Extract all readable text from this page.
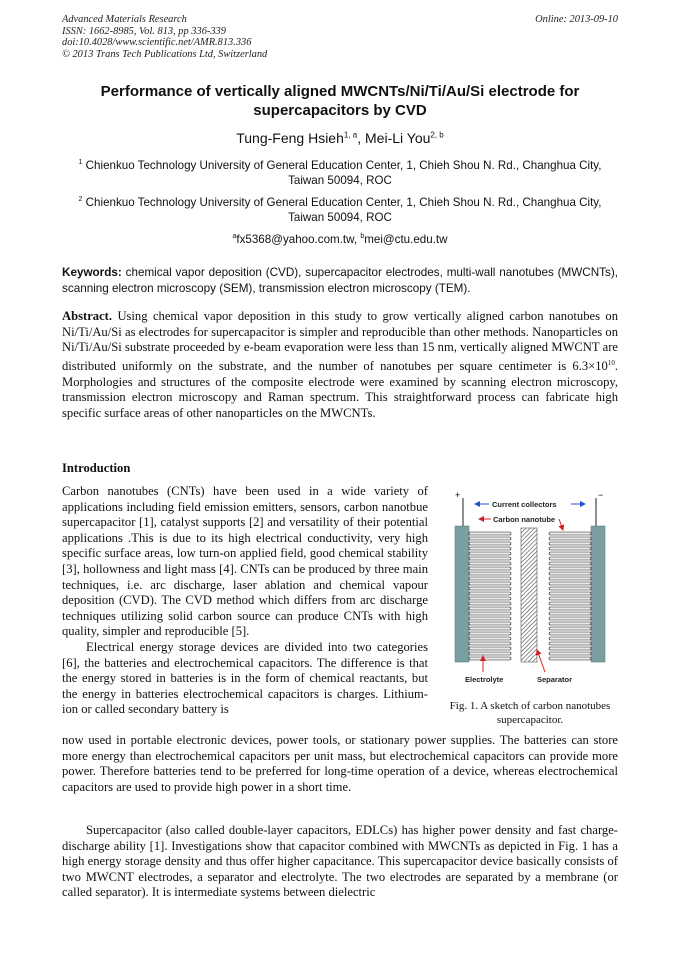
Advanced Materials Research
ISSN: 1662-8985, Vol. 813, pp 336-339
doi:10.4028/www.scientific.net/AMR.813.336
© 2013 Trans Tech Publications Ltd, Switzerland
Online: 2013-09-10
Performance of vertically aligned MWCNTs/Ni/Ti/Au/Si electrode for supercapacitors by CVD
Tung-Feng Hsieh$^{1, a}$, Mei-Li You$^{2, b}$
$^1$ Chienkuo Technology University of General Education Center, 1, Chieh Shou N. Rd., Changhua City, Taiwan 50094, ROC
$^2$ Chienkuo Technology University of General Education Center, 1, Chieh Shou N. Rd., Changhua City, Taiwan 50094, ROC
$^a$fx5368@yahoo.com.tw, $^b$mei@ctu.edu.tw
Keywords: chemical vapor deposition (CVD), supercapacitor electrodes, multi-wall nanotubes (MWCNTs), scanning electron microscopy (SEM), transmission electron microscopy (TEM).

Abstract. Using chemical vapor deposition in this study to grow vertically aligned carbon nanotubes on Ni/Ti/Au/Si as electrodes for supercapacitor is simpler and reproducible than other methods. Nanoparticles on Ni/Ti/Au/Si substrate proceeded by e-beam evaporation were less than 15 nm, vertically aligned MWCNT are distributed uniformly on the substrate, and the number of nanotubes per square centimeter is $6.3\times 10^{10}$. Morphologies and structures of the composite electrode were examined by scanning electron microscopy, transmission electron microscopy and Raman spectrum. This straightforward process can fabricate high specific surface areas of other nanoparticles on the MWCNTs.

Introduction

Carbon nanotubes (CNTs) have been used in a wide variety of applications including field emission emitters, sensors, carbon nanotbue supercapacitor [1], catalyst supports [2] and versatility of their potential applications .This is due to its high electrical conductivity, very high specific surface areas, low turn-on applied field, good chemical stability [3], hollowness and light mass [4]. CNTs can be produced by three main techniques, i.e. arc discharge, laser ablation and chemical vapour deposition (CVD). The CVD method which differs from arc discharge techniques utilizing solid carbon source can produce CNTs with high quality, simpler and reproducible [5].

Electrical energy storage devices are divided into two categories [6], the batteries and electrochemical capacitors. The difference is that the energy stored in batteries is in the form of chemical reactants, but the energy in batteries electrochemical capacitors is charges. Lithium-ion or called secondary battery is

now used in portable electronic devices, power tools, or stationary power supplies. The batteries can store more energy than electrochemical capacitors per unit mass, but electrochemical capacitors can provide more power. Therefore batteries tend to be preferred for long-time operation of a device, whereas electrochemical capacitors are used to provide high power in a short time.

Supercapacitor (also called double-layer capacitors, EDLCs) has higher power density and fast charge-discharge ability [1]. Investigations show that capacitor combined with MWCNTs as depicted in Fig. 1 has a high energy storage density and thus offer higher capacitance. This supercapacitor device basically consists of two MWCNT electrodes, a separator and electrolyte. The two electrodes are separated by a membrane (or called separator). It is intermediate systems between dielectric

+	−
Current collectors
Carbon nanotube
Electrolyte	Separator
Fig. 1. A sketch of carbon nanotubes supercapacitor.
